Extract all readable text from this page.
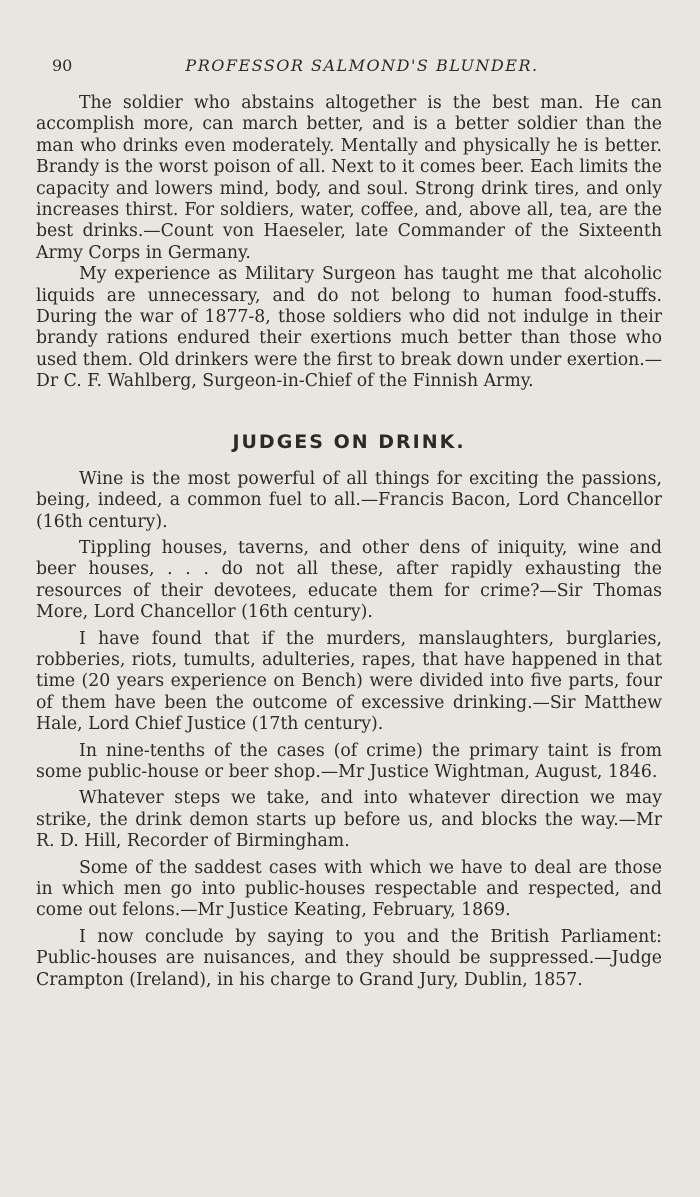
90	PROFESSOR SALMOND'S BLUNDER.

The soldier who abstains altogether is the best man. He can accomplish more, can march better, and is a better soldier than the man who drinks even moderately. Mentally and physically he is better. Brandy is the worst poison of all. Next to it comes beer. Each limits the capacity and lowers mind, body, and soul. Strong drink tires, and only increases thirst. For soldiers, water, coffee, and, above all, tea, are the best drinks.—Count von Haeseler, late Commander of the Sixteenth Army Corps in Germany.

My experience as Military Surgeon has taught me that alcoholic liquids are unnecessary, and do not belong to human food-stuffs. During the war of 1877-8, those soldiers who did not indulge in their brandy rations endured their exertions much better than those who used them. Old drinkers were the first to break down under exertion.—Dr C. F. Wahlberg, Surgeon-in-Chief of the Finnish Army.

JUDGES ON DRINK.

Wine is the most powerful of all things for exciting the passions, being, indeed, a common fuel to all.—Francis Bacon, Lord Chancellor (16th century).

Tippling houses, taverns, and other dens of iniquity, wine and beer houses, . . . do not all these, after rapidly exhausting the resources of their devotees, educate them for crime?—Sir Thomas More, Lord Chancellor (16th century).

I have found that if the murders, manslaughters, burglaries, robberies, riots, tumults, adulteries, rapes, that have happened in that time (20 years experience on Bench) were divided into five parts, four of them have been the outcome of excessive drinking.—Sir Matthew Hale, Lord Chief Justice (17th century).

In nine-tenths of the cases (of crime) the primary taint is from some public-house or beer shop.—Mr Justice Wightman, August, 1846.

Whatever steps we take, and into whatever direction we may strike, the drink demon starts up before us, and blocks the way.—Mr R. D. Hill, Recorder of Birmingham.

Some of the saddest cases with which we have to deal are those in which men go into public-houses respectable and respected, and come out felons.—Mr Justice Keating, February, 1869.

I now conclude by saying to you and the British Parliament: Public-houses are nuisances, and they should be suppressed.—Judge Crampton (Ireland), in his charge to Grand Jury, Dublin, 1857.
